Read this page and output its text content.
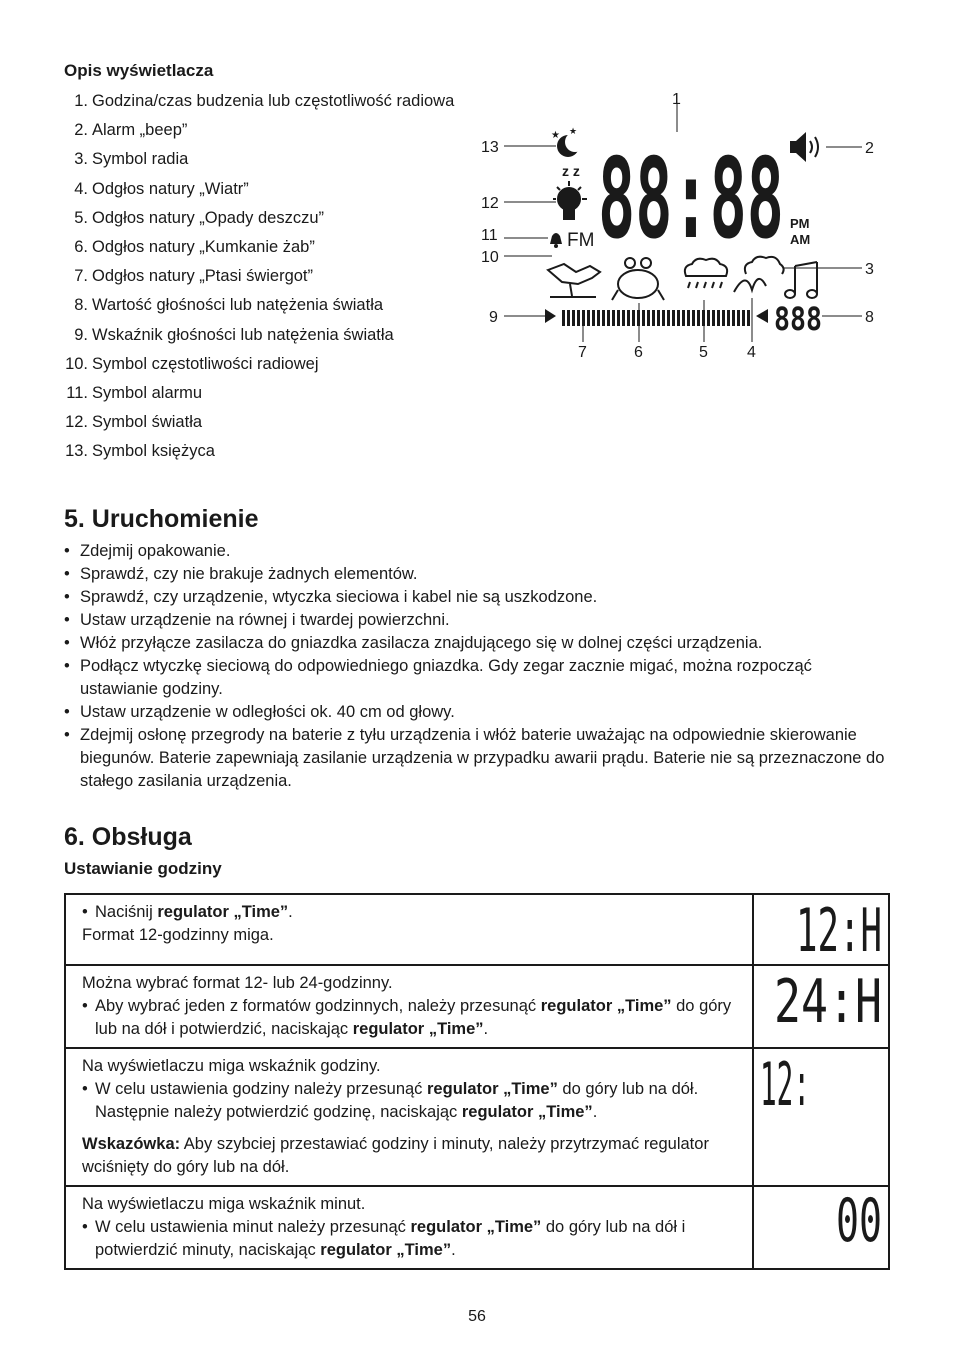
Opis wyświetlacza
1. Godzina/czas budzenia lub częstotliwość radiowa
2. Alarm „beep”
3. Symbol radia
4. Odgłos natury „Wiatr”
5. Odgłos natury „Opady deszczu”
6. Odgłos natury „Kumkanie żab”
7. Odgłos natury „Ptasi świergot”
8. Wartość głośności lub natężenia światła
9. Wskaźnik głośności lub natężenia światła
10. Symbol częstotliwości radiowej
11. Symbol alarmu
12. Symbol światła
13. Symbol księżyca
1
2
3
4
5
6
7
8
9
10
11
12
13 88:88 PM
AM
★ ★
z z
FM
888
5. Uruchomienie
• Zdejmij opakowanie.
• Sprawdź, czy nie brakuje żadnych elementów.
• Sprawdź, czy urządzenie, wtyczka sieciowa i kabel nie są uszkodzone.
• Ustaw urządzenie na równej i twardej powierzchni.
• Włóż przyłącze zasilacza do gniazdka zasilacza znajdującego się w dolnej części urządzenia.
• Podłącz wtyczkę sieciową do odpowiedniego gniazdka. Gdy zegar zacznie migać, można rozpocząć ustawianie godziny.
• Ustaw urządzenie w odległości ok. 40 cm od głowy.
• Zdejmij osłonę przegrody na baterie z tyłu urządzenia i włóż baterie uważając na odpowiednie skierowanie biegunów. Baterie zapewniają zasilanie urządzenia w przypadku awarii prądu. Baterie nie są przeznaczone do stałego zasilania urządzenia.
6. Obsługa
Ustawianie godziny
• Naciśnij regulator „Time”.
Format 12-godzinny miga.	12:H

Można wybrać format 12- lub 24-godzinny.
• Aby wybrać jeden z formatów godzinnych, należy przesunąć regulator „Time” do góry lub na dół i potwierdzić, naciskając regulator „Time”.	24:H

Na wyświetlaczu miga wskaźnik godziny.
• W celu ustawienia godziny należy przesunąć regulator „Time” do góry lub na dół. Następnie należy potwierdzić godzinę, naciskając regulator „Time”.
Wskazówka: Aby szybciej przestawiać godziny i minuty, należy przytrzymać regulator wciśnięty do góry lub na dół.	12:

Na wyświetlaczu miga wskaźnik minut.
• W celu ustawienia minut należy przesunąć regulator „Time” do góry lub na dół i potwierdzić minuty, naciskając regulator „Time”.	00
56
